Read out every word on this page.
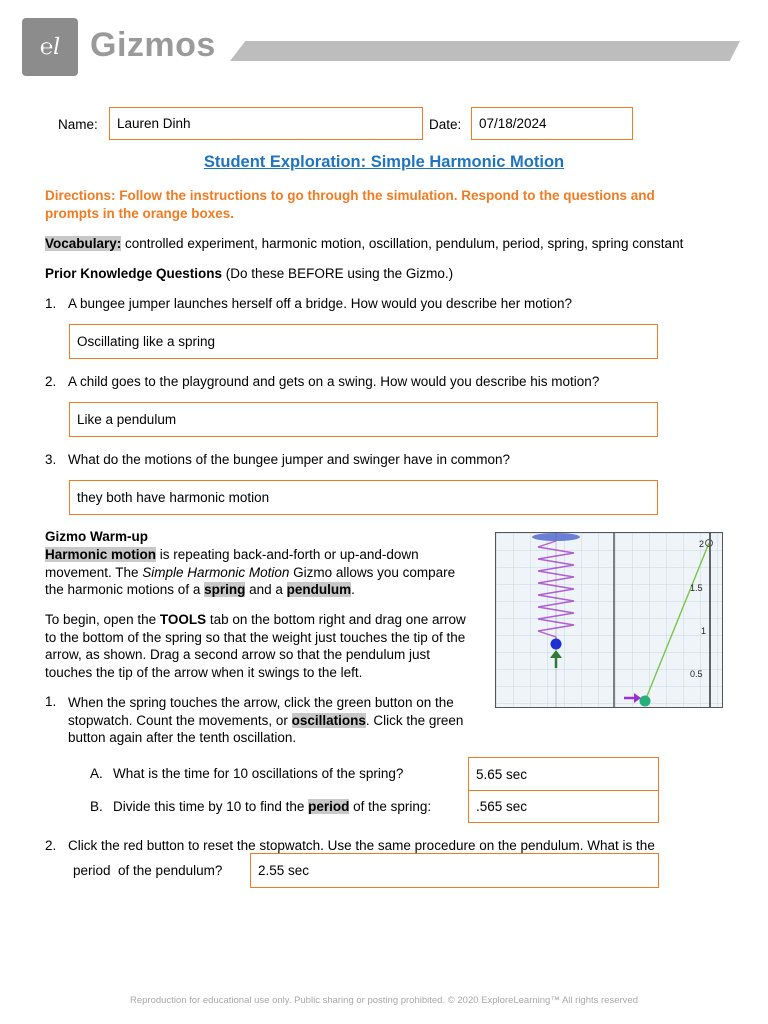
℮l Gizmos
Name:	Lauren Dinh	Date:	07/18/2024
Student Exploration: Simple Harmonic Motion
Directions: Follow the instructions to go through the simulation. Respond to the questions and prompts in the orange boxes.
Vocabulary: controlled experiment, harmonic motion, oscillation, pendulum, period, spring, spring constant
Prior Knowledge Questions (Do these BEFORE using the Gizmo.)
1. A bungee jumper launches herself off a bridge. How would you describe her motion?
Oscillating like a spring
2. A child goes to the playground and gets on a swing. How would you describe his motion?
Like a pendulum
3. What do the motions of the bungee jumper and swinger have in common?
they both have harmonic motion
Gizmo Warm-up
Harmonic motion is repeating back-and-forth or up-and-down movement. The Simple Harmonic Motion Gizmo allows you compare the harmonic motions of a spring and a pendulum.
To begin, open the TOOLS tab on the bottom right and drag one arrow to the bottom of the spring so that the weight just touches the tip of the arrow, as shown. Drag a second arrow so that the pendulum just touches the tip of the arrow when it swings to the left.
2
1.5
1
0.5
1. When the spring touches the arrow, click the green button on the stopwatch. Count the movements, or oscillations. Click the green button again after the tenth oscillation.
A. What is the time for 10 oscillations of the spring?	5.65 sec
B. Divide this time by 10 to find the period of the spring:	.565 sec
2. Click the red button to reset the stopwatch. Use the same procedure on the pendulum. What is the
period  of the pendulum?	2.55 sec
Reproduction for educational use only. Public sharing or posting prohibited. © 2020 ExploreLearning™ All rights reserved
